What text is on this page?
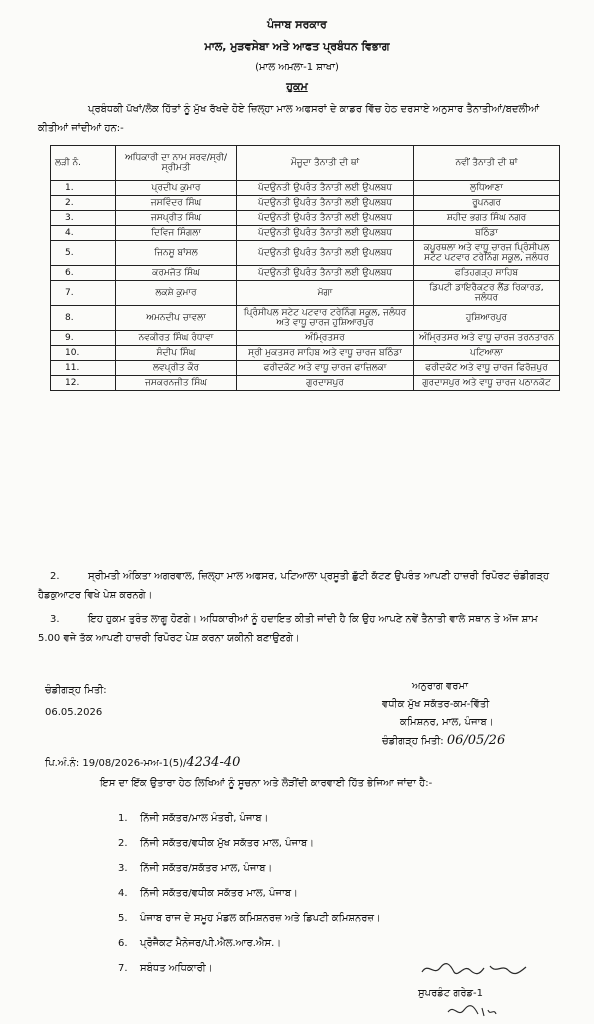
ਪੰਜਾਬ ਸਰਕਾਰ
ਮਾਲ, ਮੁੜਵਸੇਬਾ ਅਤੇ ਆਫਤ ਪ੍ਰਬੰਧਨ ਵਿਭਾਗ
(ਮਾਲ ਅਮਲਾ-1 ਸ਼ਾਖਾ)
ਹੁਕਮ
ਪ੍ਰਬੰਧਕੀ ਪੱਖਾਂ/ਲੋਕ ਹਿੱਤਾਂ ਨੂੰ ਮੁੱਖ ਰੱਖਦੇ ਹੋਏ ਜ਼ਿਲ੍ਹਾ ਮਾਲ ਅਫਸਰਾਂ ਦੇ ਕਾਡਰ ਵਿੱਚ ਹੇਠ ਦਰਸਾਏ ਅਨੁਸਾਰ ਤੈਨਾਤੀਆਂ/ਬਦਲੀਆਂ ਕੀਤੀਆਂ ਜਾਂਦੀਆਂ ਹਨ:-
ਲੜੀ ਨੰ.	ਅਧਿਕਾਰੀ ਦਾ ਨਾਮ ਸਰਵ/ਸ੍ਰੀ/ਸ੍ਰੀਮਤੀ	ਮੌਜੂਦਾ ਤੈਨਾਤੀ ਦੀ ਥਾਂ	ਨਵੀਂ ਤੈਨਾਤੀ ਦੀ ਥਾਂ
1.	ਪ੍ਰਦੀਪ ਕੁਮਾਰ	ਪੱਦਉਨਤੀ ਉਪਰੰਤ ਤੈਨਾਤੀ ਲਈ ਉਪਲਬਧ	ਲੁਧਿਆਣਾ
2.	ਜਸਵਿੰਦਰ ਸਿੰਘ	ਪੱਦਉਨਤੀ ਉਪਰੰਤ ਤੈਨਾਤੀ ਲਈ ਉਪਲਬਧ	ਰੂਪਨਗਰ
3.	ਜਸਪ੍ਰੀਤ ਸਿੰਘ	ਪੱਦਉਨਤੀ ਉਪਰੰਤ ਤੈਨਾਤੀ ਲਈ ਉਪਲਬਧ	ਸ਼ਹੀਦ ਭਗਤ ਸਿੰਘ ਨਗਰ
4.	ਦਿਵਿਜ ਸਿੰਗਲਾ	ਪੱਦਉਨਤੀ ਉਪਰੰਤ ਤੈਨਾਤੀ ਲਈ ਉਪਲਬਧ	ਬਠਿੰਡਾ
5.	ਜਿਨਸੂ ਬਾਂਸਲ	ਪੱਦਉਨਤੀ ਉਪਰੰਤ ਤੈਨਾਤੀ ਲਈ ਉਪਲਬਧ	ਕਪੂਰਥਲਾ ਅਤੇ ਵਾਧੂ ਚਾਰਜ ਪ੍ਰਿੰਸੀਪਲ ਸਟੇਟ ਪਟਵਾਰ ਟਰੇਨਿੰਗ ਸਕੂਲ, ਜਲੰਧਰ
6.	ਕਰਮਜੋਤ ਸਿੰਘ	ਪੱਦਉਨਤੀ ਉਪਰੰਤ ਤੈਨਾਤੀ ਲਈ ਉਪਲਬਧ	ਫਤਿਹਗੜ੍ਹ ਸਾਹਿਬ
7.	ਲਕਸ਼ੇ ਕੁਮਾਰ	ਮੋਗਾ	ਡਿਪਟੀ ਡਾਇਰੈਕਟਰ ਲੈਂਡ ਰਿਕਾਰਡ, ਜਲੰਧਰ
8.	ਅਮਨਦੀਪ ਚਾਵਲਾ	ਪ੍ਰਿੰਸੀਪਲ ਸਟੇਟ ਪਟਵਾਰ ਟਰੇਨਿੰਗ ਸਕੂਲ, ਜਲੰਧਰ ਅਤੇ ਵਾਧੂ ਚਾਰਜ ਹੁਸ਼ਿਆਰਪੁਰ	ਹੁਸ਼ਿਆਰਪੁਰ
9.	ਨਵਕੀਰਤ ਸਿੰਘ ਰੰਧਾਵਾ	ਅੰਮ੍ਰਿਤਸਰ	ਅੰਮ੍ਰਿਤਸਰ ਅਤੇ ਵਾਧੂ ਚਾਰਜ ਤਰਨਤਾਰਨ
10.	ਸੰਦੀਪ ਸਿੰਘ	ਸ੍ਰੀ ਮੁਕਤਸਰ ਸਾਹਿਬ ਅਤੇ ਵਾਧੂ ਚਾਰਜ ਬਠਿੰਡਾ	ਪਟਿਆਲਾ
11.	ਲਵਪ੍ਰੀਤ ਕੌਰ	ਫਰੀਦਕੋਟ ਅਤੇ ਵਾਧੂ ਚਾਰਜ ਫਾਜ਼ਿਲਕਾ	ਫਰੀਦਕੋਟ ਅਤੇ ਵਾਧੂ ਚਾਰਜ ਫਿਰੋਜ਼ਪੁਰ
12.	ਜਸਕਰਨਜੀਤ ਸਿੰਘ	ਗੁਰਦਾਸਪੁਰ	ਗੁਰਦਾਸਪੁਰ ਅਤੇ ਵਾਧੂ ਚਾਰਜ ਪਠਾਨਕੋਟ
2.	ਸ੍ਰੀਮਤੀ ਅੰਕਿਤਾ ਅਗਰਵਾਲ, ਜ਼ਿਲ੍ਹਾ ਮਾਲ ਅਫਸਰ, ਪਟਿਆਲਾ ਪ੍ਰਸੂਤੀ ਛੁੱਟੀ ਕੱਟਣ ਉਪਰੰਤ ਆਪਣੀ ਹਾਜ਼ਰੀ ਰਿਪੋਰਟ ਚੰਡੀਗੜ੍ਹ ਹੈਡਕੁਆਟਰ ਵਿਖੇ ਪੇਸ਼ ਕਰਨਗੇ।
3.	ਇਹ ਹੁਕਮ ਤੁਰੰਤ ਲਾਗੂ ਹੋਣਗੇ। ਅਧਿਕਾਰੀਆਂ ਨੂੰ ਹਦਾਇਤ ਕੀਤੀ ਜਾਂਦੀ ਹੈ ਕਿ ਉਹ ਆਪਣੇ ਨਵੇਂ ਤੈਨਾਤੀ ਵਾਲੇ ਸਥਾਨ ਤੇ ਅੱਜ ਸ਼ਾਮ 5.00 ਵਜੇ ਤੱਕ ਆਪਣੀ ਹਾਜ਼ਰੀ ਰਿਪੋਰਟ ਪੇਸ਼ ਕਰਨਾ ਯਕੀਨੀ ਬਣਾਉਣਗੇ।
ਚੰਡੀਗੜ੍ਹ ਮਿਤੀ:
06.05.2026
ਅਨੁਰਾਗ ਵਰਮਾ
ਵਧੀਕ ਮੁੱਖ ਸਕੱਤਰ-ਕਮ-ਵਿੱਤੀ
ਕਮਿਸ਼ਨਰ, ਮਾਲ, ਪੰਜਾਬ।
ਚੰਡੀਗੜ੍ਹ ਮਿਤੀ: 06/05/26
ਪਿ.ਅੰ.ਨੰ: 19/08/2026-ਮਅ-1(5)/4234-40
ਇਸ ਦਾ ਇੱਕ ਉਤਾਰਾ ਹੇਠ ਲਿਖਿਆਂ ਨੂੰ ਸੂਚਨਾ ਅਤੇ ਲੋੜੀਂਦੀ ਕਾਰਵਾਈ ਹਿੱਤ ਭੇਜਿਆ ਜਾਂਦਾ ਹੈ:-
1. ਨਿੱਜੀ ਸਕੱਤਰ/ਮਾਲ ਮੰਤਰੀ, ਪੰਜਾਬ।
2. ਨਿੱਜੀ ਸਕੱਤਰ/ਵਧੀਕ ਮੁੱਖ ਸਕੱਤਰ ਮਾਲ, ਪੰਜਾਬ।
3. ਨਿੱਜੀ ਸਕੱਤਰ/ਸਕੱਤਰ ਮਾਲ, ਪੰਜਾਬ।
4. ਨਿੱਜੀ ਸਕੱਤਰ/ਵਧੀਕ ਸਕੱਤਰ ਮਾਲ, ਪੰਜਾਬ।
5. ਪੰਜਾਬ ਰਾਜ ਦੇ ਸਮੂਹ ਮੰਡਲ ਕਮਿਸ਼ਨਰਜ਼ ਅਤੇ ਡਿਪਟੀ ਕਮਿਸ਼ਨਰਜ਼।
6. ਪ੍ਰੋਜੈਕਟ ਮੈਨੇਜਰ/ਪੀ.ਐਲ.ਆਰ.ਐਸ.।
7. ਸਬੰਧਤ ਅਧਿਕਾਰੀ।
ਸੁਪਰਡੰਟ ਗਰੇਡ-1
